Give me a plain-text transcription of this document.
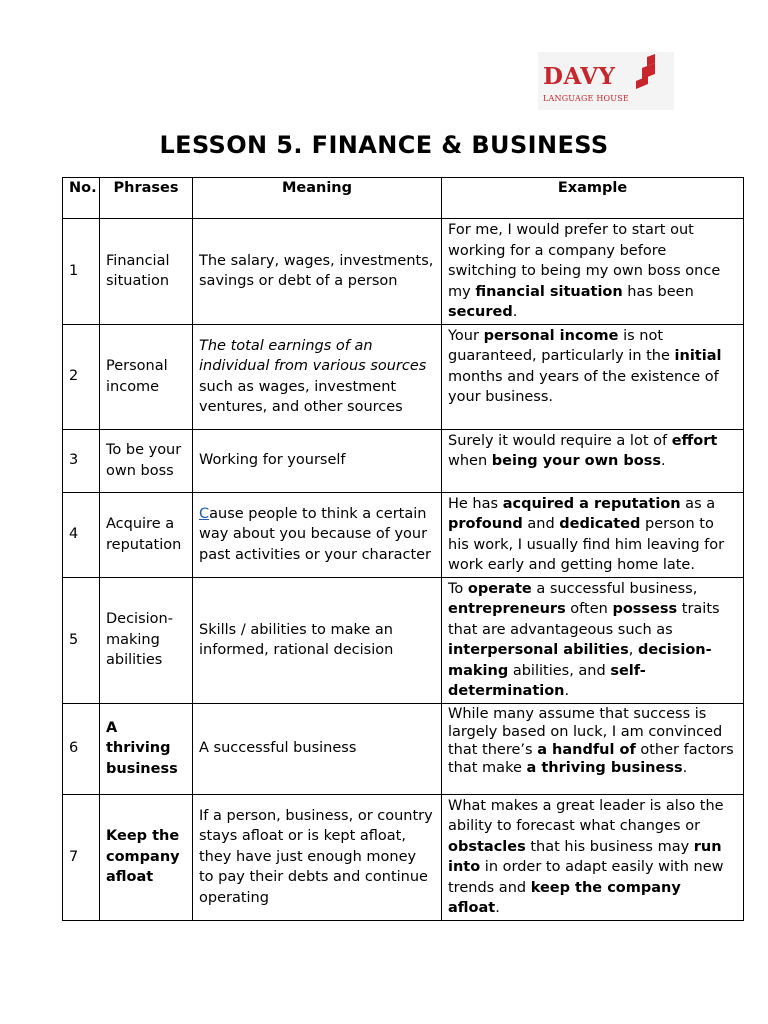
DAVY
LANGUAGE HOUSE
LESSON 5. FINANCE & BUSINESS
No.	Phrases	Meaning	Example
1	Financial situation	The salary, wages, investments, savings or debt of a person	For me, I would prefer to start out working for a company before switching to being my own boss once my financial situation has been secured.
2	Personal income	The total earnings of an individual from various sources such as wages, investment ventures, and other sources	Your personal income is not guaranteed, particularly in the initial months and years of the existence of your business.
3	To be your own boss	Working for yourself	Surely it would require a lot of effort when being your own boss.
4	Acquire a reputation	Cause people to think a certain way about you because of your past activities or your character	He has acquired a reputation as a profound and dedicated person to his work, I usually find him leaving for work early and getting home late.
5	Decision-making abilities	Skills / abilities to make an informed, rational decision	To operate a successful business, entrepreneurs often possess traits that are advantageous such as interpersonal abilities, decision-making abilities, and self-determination.
6	A thriving business	A successful business	While many assume that success is largely based on luck, I am convinced that there’s a handful of other factors that make a thriving business.
7	Keep the company afloat	If a person, business, or country stays afloat or is kept afloat, they have just enough money to pay their debts and continue operating	What makes a great leader is also the ability to forecast what changes or obstacles that his business may run into in order to adapt easily with new trends and keep the company afloat.
